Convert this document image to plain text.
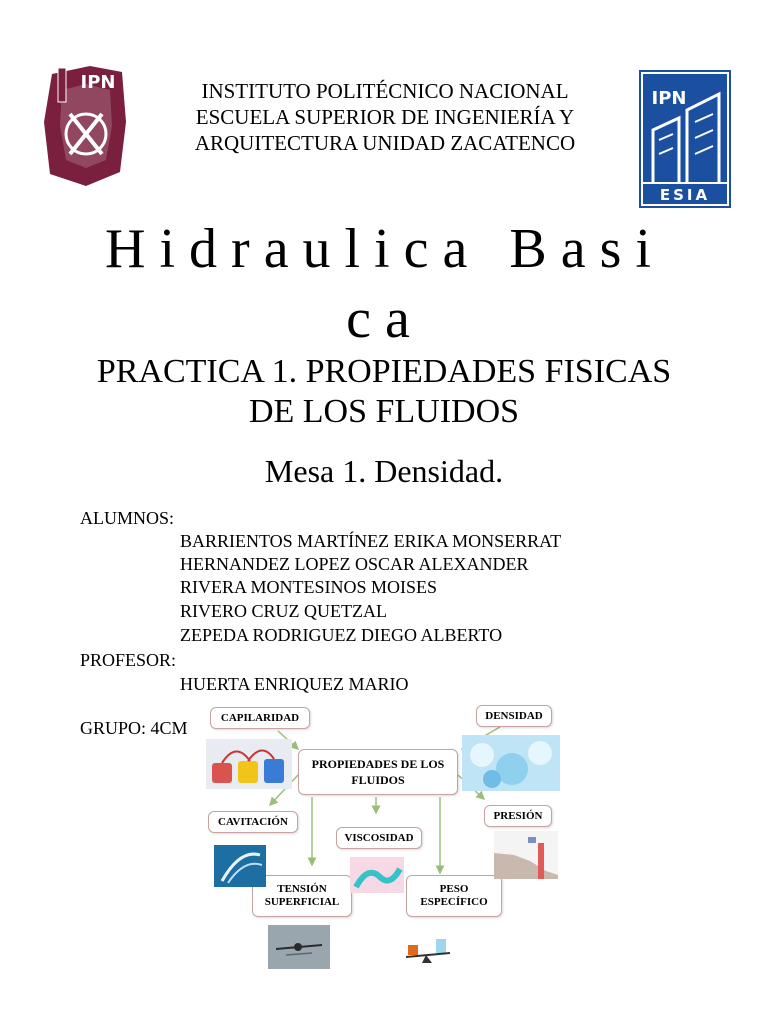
IPN	INSTITUTO POLITÉCNICO NACIONAL
ESCUELA SUPERIOR DE INGENIERÍA Y
ARQUITECTURA UNIDAD ZACATENCO
IPN
ESIA
Hidraulica Basi
ca
PRACTICA 1. PROPIEDADES FISICAS
DE LOS FLUIDOS
Mesa 1. Densidad.
ALUMNOS:
BARRIENTOS MARTÍNEZ ERIKA MONSERRAT
HERNANDEZ LOPEZ OSCAR ALEXANDER
RIVERA MONTESINOS MOISES
RIVERO CRUZ QUETZAL
ZEPEDA RODRIGUEZ DIEGO ALBERTO
PROFESOR:
HUERTA ENRIQUEZ MARIO
GRUPO: 4CM
CAPILARIDAD	DENSIDAD
PROPIEDADES DE LOS FLUIDOS
CAVITACIÓN	PRESIÓN
VISCOSIDAD
TENSIÓN SUPERFICIAL
PESO ESPECÍFICO
